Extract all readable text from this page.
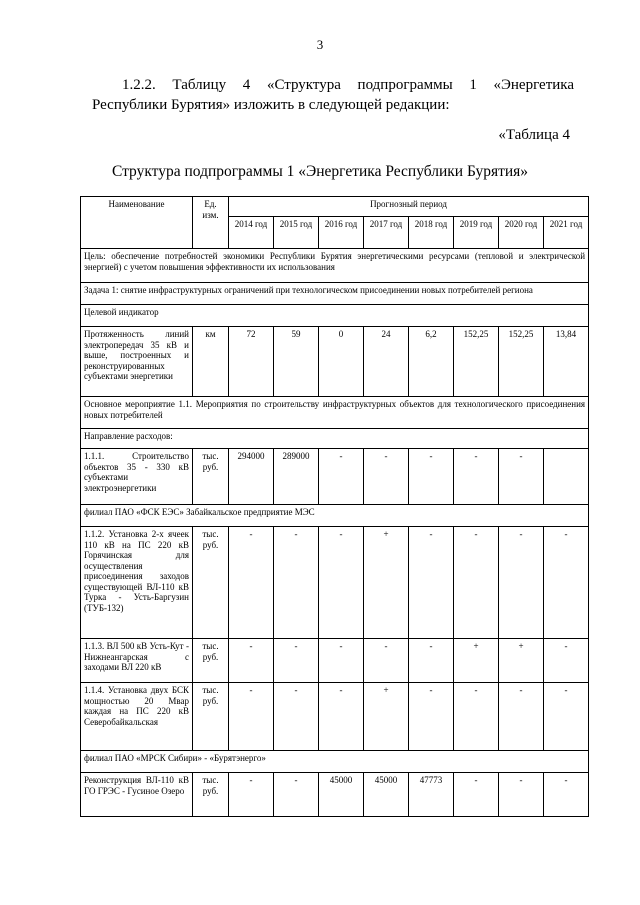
3
1.2.2. Таблицу 4 «Структура подпрограммы 1 «Энергетика Республики Бурятия» изложить в следующей редакции:
«Таблица 4
Структура подпрограммы 1 «Энергетика Республики Бурятия»
Наименование	Ед. изм.	Прогнозный период							
		2014 год	2015 год	2016 год	2017 год	2018 год	2019 год	2020 год	2021 год
Цель: обеспечение потребностей экономики Республики Бурятия энергетическими ресурсами (тепловой и электрической энергией) с учетом повышения эффективности их использования									
Задача 1: снятие инфраструктурных ограничений при технологическом присоединении новых потребителей региона									
Целевой индикатор									
Протяженность линий электропередач 35 кВ и выше, построенных и реконструированных субъектами энергетики	км	72	59	0	24	6,2	152,25	152,25	13,84
Основное мероприятие 1.1. Мероприятия по строительству инфраструктурных объектов для технологического присоединения новых потребителей									
Направление расходов:									
1.1.1. Строительство объектов 35 - 330 кВ субъектами электроэнергетики	тыс. руб.	294000	289000	-	-	-	-	-	
филиал ПАО «ФСК ЕЭС» Забайкальское предприятие МЭС									
1.1.2. Установка 2-х ячеек 110 кВ на ПС 220 кВ Горячинская для осуществления присоединения заходов существующей ВЛ-110 кВ Турка - Усть-Баргузин (ТУБ-132)	тыс. руб.	-	-	-	+	-	-	-	-
1.1.3. ВЛ 500 кВ Усть-Кут - Нижнеангарская с заходами ВЛ 220 кВ	тыс. руб.	-	-	-	-	-	+	+	-
1.1.4. Установка двух БСК мощностью 20 Мвар каждая на ПС 220 кВ Северобайкальская	тыс. руб.	-	-	-	+	-	-	-	-
филиал ПАО «МРСК Сибири» - «Бурятэнерго»									
Реконструкция ВЛ-110 кВ ГО ГРЭС - Гусиное Озеро	тыс. руб.	-	-	45000	45000	47773	-	-	-
